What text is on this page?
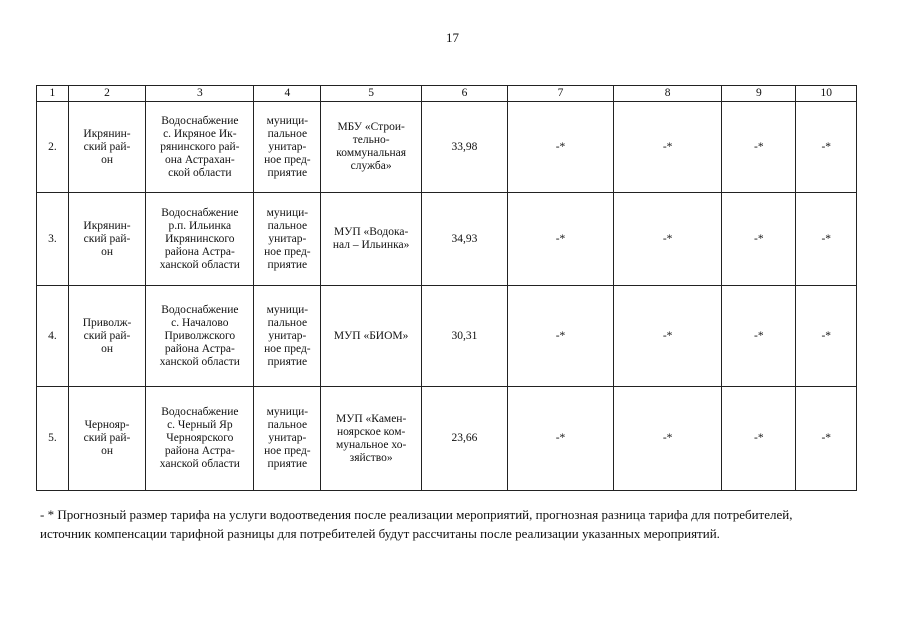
17
1	2	3	4	5	6	7	8	9	10
2.	Икрянин-
ский рай-
он	Водоснабжение
с. Икряное Ик-
рянинского рай-
она Астрахан-
ской области	муници-
пальное
унитар-
ное пред-
приятие	МБУ «Строи-
тельно-
коммунальная
служба»	33,98	-*	-*	-*	-*
3.	Икрянин-
ский рай-
он	Водоснабжение
р.п. Ильинка
Икрянинского
района Астра-
ханской области	муници-
пальное
унитар-
ное пред-
приятие	МУП «Водока-
нал – Ильинка»	34,93	-*	-*	-*	-*
4.	Приволж-
ский рай-
он	Водоснабжение
с. Началово
Приволжского
района Астра-
ханской области	муници-
пальное
унитар-
ное пред-
приятие	МУП «БИОМ»	30,31	-*	-*	-*	-*
5.	Чернояр-
ский рай-
он	Водоснабжение
с. Черный Яр
Черноярского
района Астра-
ханской области	муници-
пальное
унитар-
ное пред-
приятие	МУП «Камен-
ноярское ком-
мунальное хо-
зяйство»	23,66	-*	-*	-*	-*
- * Прогнозный размер тарифа на услуги водоотведения после реализации мероприятий, прогнозная разница тарифа для потребителей, источник компенсации тарифной разницы для потребителей будут рассчитаны после реализации указанных мероприятий.
